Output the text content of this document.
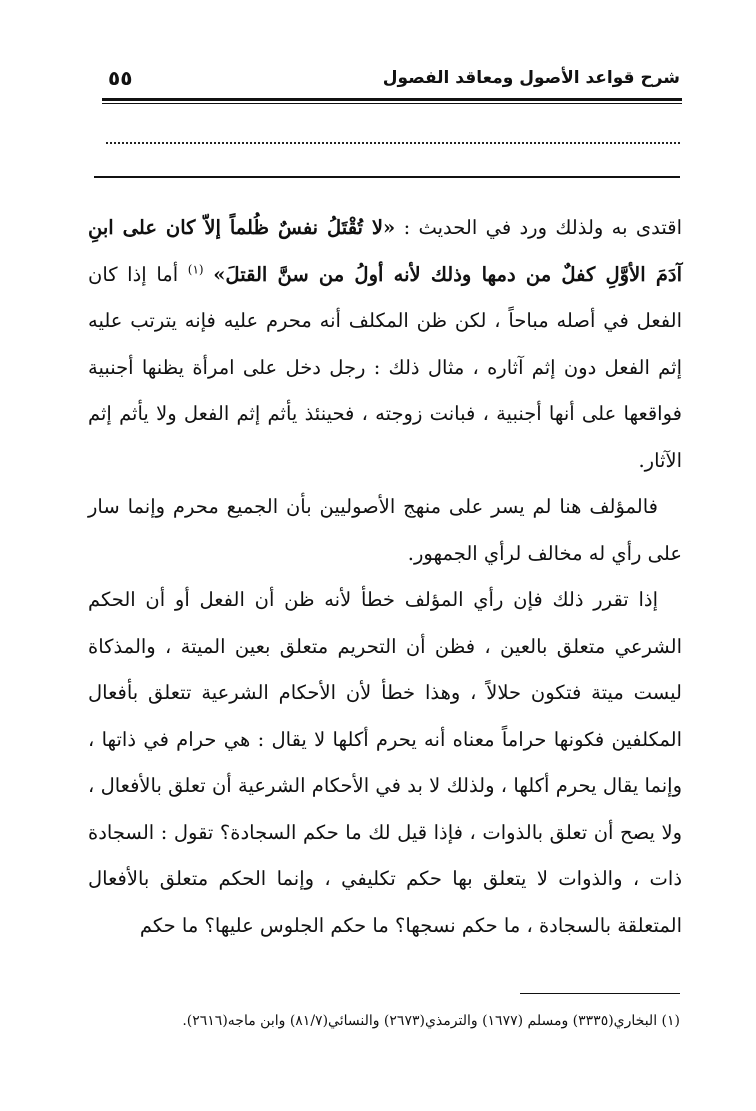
٥٥	شرح قواعد الأصول ومعاقد الفصول

اقتدى به ولذلك ورد في الحديث : «لا تُقْتَلُ نفسٌ ظُلماً إلاّ كان على ابنِ آدَمَ الأوَّلِ كفلٌ من دمها وذلك لأنه أولُ من سنَّ القتلَ» $^{(١)}$ أما إذا كان الفعل في أصله مباحاً ، لكن ظن المكلف أنه محرم عليه فإنه يترتب عليه إثم الفعل دون إثم آثاره ، مثال ذلك : رجل دخل على امرأة يظنها أجنبية فواقعها على أنها أجنبية ، فبانت زوجته ، فحينئذ يأثم إثم الفعل ولا يأثم إثم الآثار.

فالمؤلف هنا لم يسر على منهج الأصوليين بأن الجميع محرم وإنما سار على رأي له مخالف لرأي الجمهور.

إذا تقرر ذلك فإن رأي المؤلف خطأ لأنه ظن أن الفعل أو أن الحكم الشرعي متعلق بالعين ، فظن أن التحريم متعلق بعين الميتة ، والمذكاة ليست ميتة فتكون حلالاً ، وهذا خطأ لأن الأحكام الشرعية تتعلق بأفعال المكلفين فكونها حراماً معناه أنه يحرم أكلها لا يقال : هي حرام في ذاتها ، وإنما يقال يحرم أكلها ، ولذلك لا بد في الأحكام الشرعية أن تعلق بالأفعال ، ولا يصح أن تعلق بالذوات ، فإذا قيل لك ما حكم السجادة؟ تقول : السجادة ذات ، والذوات لا يتعلق بها حكم تكليفي ، وإنما الحكم متعلق بالأفعال المتعلقة بالسجادة ، ما حكم نسجها؟ ما حكم الجلوس عليها؟ ما حكم

(١) البخاري(٣٣٣٥) ومسلم (١٦٧٧) والترمذي(٢٦٧٣) والنسائي(٨١/٧) وابن ماجه(٢٦١٦).
